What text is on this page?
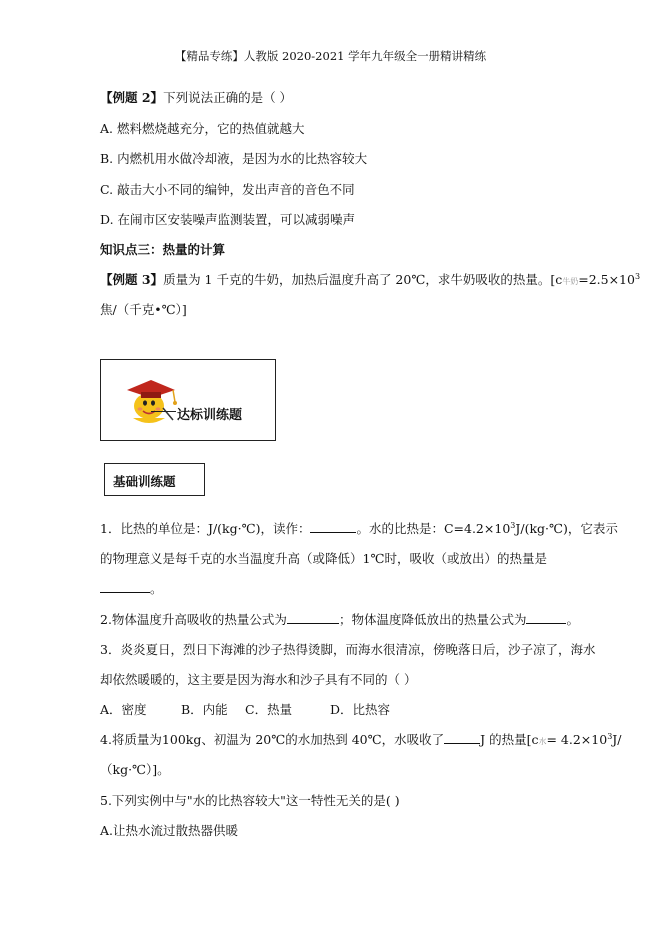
【精品专练】人教版 2020-2021 学年九年级全一册精讲精练
【例题 2】下列说法正确的是（ ）
A. 燃料燃烧越充分，它的热值就越大
B. 内燃机用水做冷却液，是因为水的比热容较大
C. 敲击大小不同的编钟，发出声音的音色不同
D. 在闹市区安装噪声监测装置，可以减弱噪声
知识点三：热量的计算
【例题 3】质量为 1 千克的牛奶，加热后温度升高了 20℃，求牛奶吸收的热量。[c牛奶$=2.5\times 10^3$
焦/（千克•℃）]
达标训练题
基础训练题
1．比热的单位是：J/(kg·℃)，读作：	。水的比热是：$C=4.2\times 10^3J/(kg\cdot℃)$，它表示
的物理意义是每千克的水当温度升高（或降低）1℃时，吸收（或放出）的热量是
。
2.物体温度升高吸收的热量公式为	；物体温度降低放出的热量公式为	。
3．炎炎夏日，烈日下海滩的沙子热得烫脚，而海水很清凉，傍晚落日后，沙子凉了，海水
却依然暖暖的，这主要是因为海水和沙子具有不同的（ ）
A．密度	B．内能 C．热量	D．比热容
4.将质量为100kg、初温为 20℃的水加热到 40℃，水吸收了	J 的热量[c水= $4.2\times 10^3J/$
（kg·℃）]。
5.下列实例中与"水的比热容较大"这一特性无关的是( )
A.让热水流过散热器供暖
